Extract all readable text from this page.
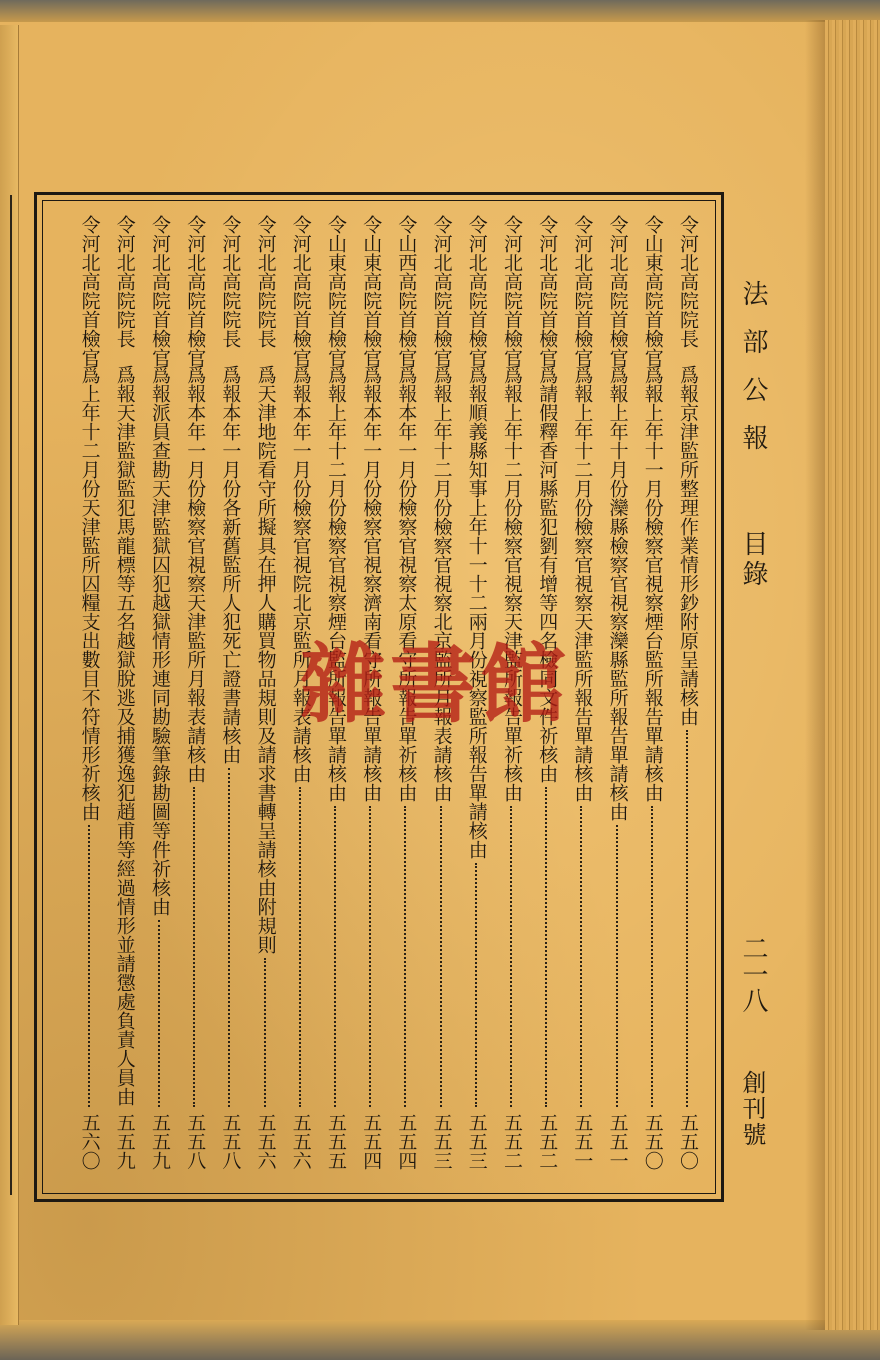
法部公報
目錄
二一八
創刊號
令河北高院院長
爲報京津監所整理作業情形鈔附原呈請核由
五五〇
令山東高院首檢官
爲報上年十一月份檢察官視察煙台監所報告單請核由
五五〇
令河北高院首檢官
爲報上年十月份灤縣檢察官視察灤縣監所報告單請核由
五五一
令河北高院首檢官
爲報上年十二月份檢察官視察天津監所報告單請核由
五五一
令河北高院首檢官
爲請假釋香河縣監犯劉有增等四名檢同文件祈核由
五五二
令河北高院首檢官
爲報上年十二月份檢察官視察天津監所報告單祈核由
五五二
令河北高院首檢官
爲報順義縣知事上年十一十二兩月份視察監所報告單請核由
五五三
令河北高院首檢官
爲報上年十二月份檢察官視察北京監所月報表請核由
五五三
令山西高院首檢官
爲報本年一月份檢察官視察太原看守所報告單祈核由
五五四
令山東高院首檢官
爲報本年一月份檢察官視察濟南看守所報告單請核由
五五四
令山東高院首檢官
爲報上年十二月份檢察官視察煙台監所報告單請核由
五五五
令河北高院首檢官
爲報本年一月份檢察官視院北京監所月報表請核由
五五六
令河北高院院長
爲天津地院看守所擬具在押人購買物品規則及請求書轉呈請核由附規則
五五六
令河北高院院長
爲報本年一月份各新舊監所人犯死亡證書請核由
五五八
令河北高院首檢官
爲報本年一月份檢察官視察天津監所月報表請核由
五五八
令河北高院首檢官
爲報派員查勘天津監獄囚犯越獄情形連同勘驗筆錄勘圖等件祈核由
五五九
令河北高院院長
爲報天津監獄監犯馬龍標等五名越獄脫逃及捕獲逸犯趙甫等經過情形並請懲處負責人員由
五五九
令河北高院首檢官
爲上年十二月份天津監所囚糧支出數目不符情形祈核由
五六〇
雜書館
